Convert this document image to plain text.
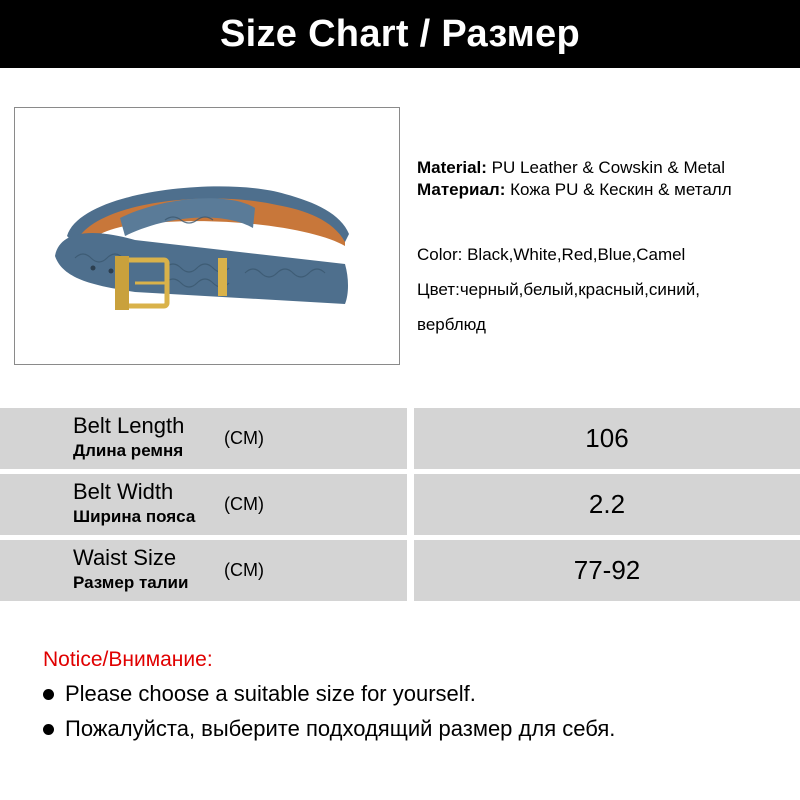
Size Chart / Размер
Material: PU Leather & Cowskin & Metal
Материал: Кожа PU & Кескин & металл
Color: Black,White,Red,Blue,Camel
Цвет:черный,белый,красный,синий,
верблюд
Belt Length
Длина ремня
(CM)	106
Belt Width
Ширина пояса
(CM)	2.2
Waist Size
Размер талии
(CM)	77-92
Notice/Внимание:
Please choose a suitable size for yourself.
Пожалуйста, выберите подходящий размер для себя.
